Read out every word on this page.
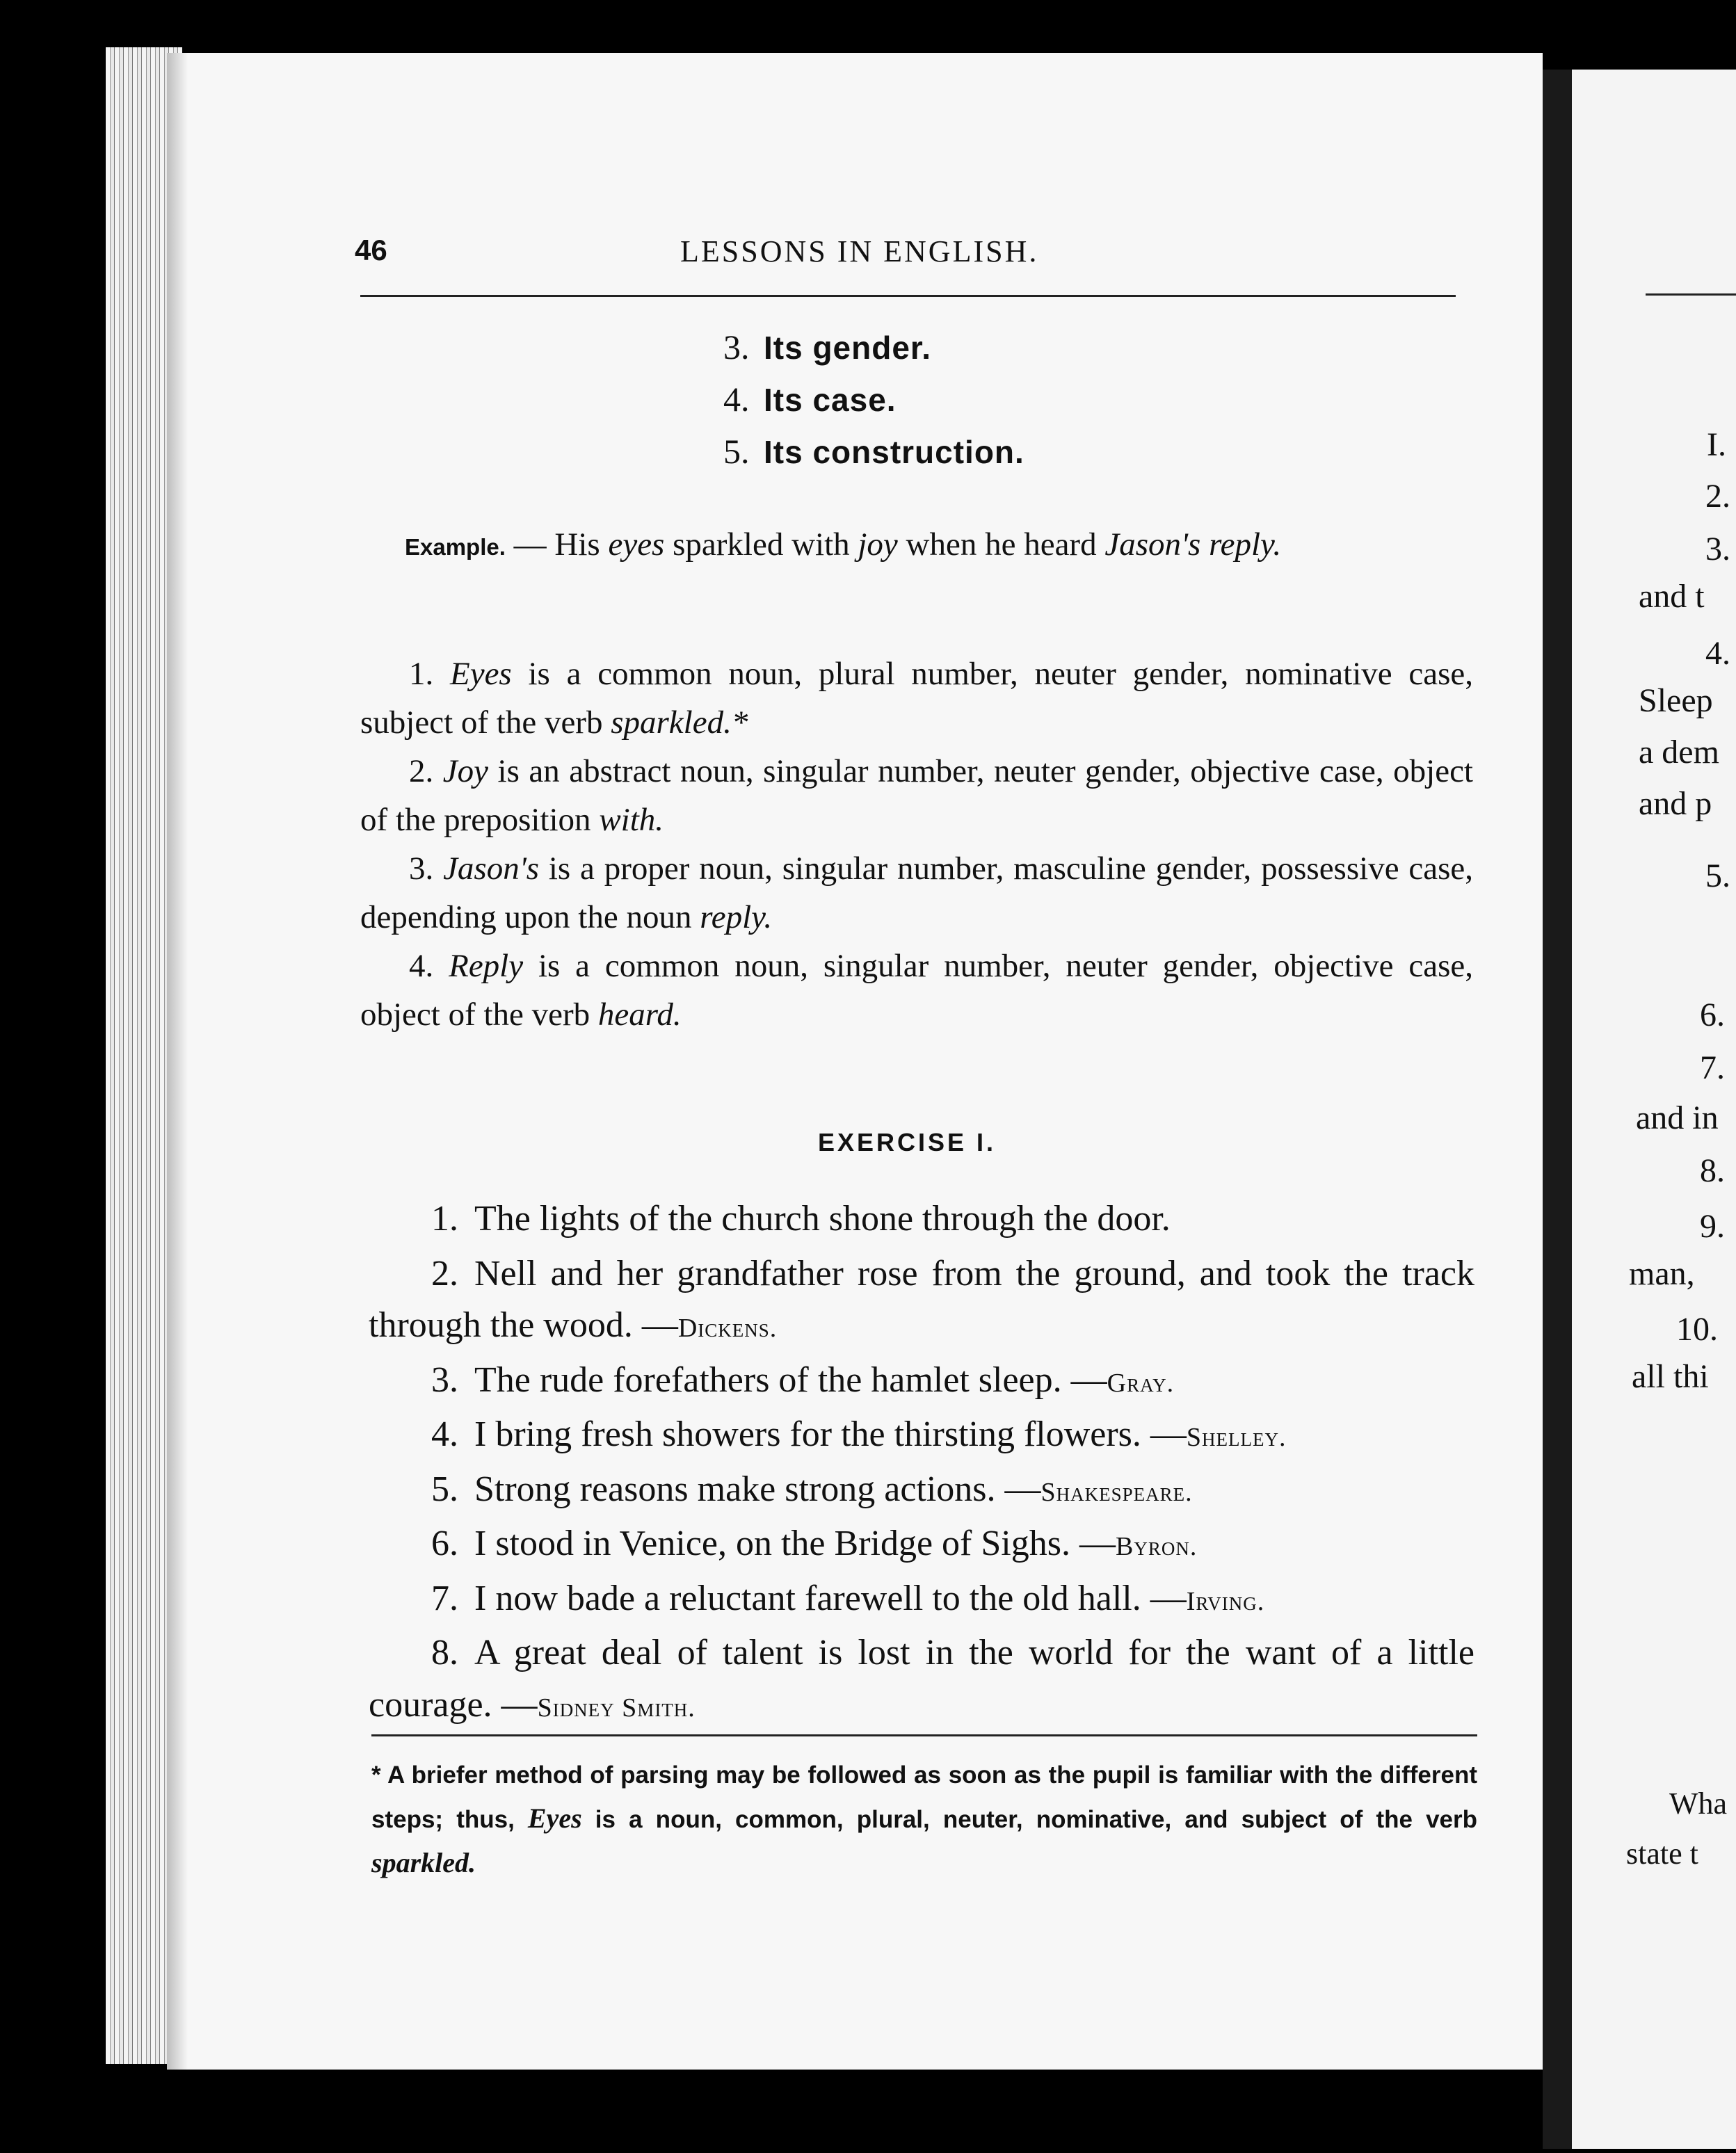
46	LESSONS IN ENGLISH.
3. Its gender.
4. Its case.
5. Its construction.

Example. — His eyes sparkled with joy when he heard Jason's reply.

1. Eyes is a common noun, plural number, neuter gender, nominative case, subject of the verb sparkled.*

2. Joy is an abstract noun, singular number, neuter gender, objective case, object of the preposition with.

3. Jason's is a proper noun, singular number, masculine gender, possessive case, depending upon the noun reply.

4. Reply is a common noun, singular number, neuter gender, objective case, object of the verb heard.

EXERCISE I.

1. The lights of the church shone through the door.

2. Nell and her grandfather rose from the ground, and took the track through the wood. —Dickens.

3. The rude forefathers of the hamlet sleep. —Gray.

4. I bring fresh showers for the thirsting flowers. —Shelley.

5. Strong reasons make strong actions. —Shakespeare.

6. I stood in Venice, on the Bridge of Sighs. —Byron.

7. I now bade a reluctant farewell to the old hall. —Irving.

8. A great deal of talent is lost in the world for the want of a little courage. —Sidney Smith.

* A briefer method of parsing may be followed as soon as the pupil is familiar with the different steps; thus, Eyes is a noun, common, plural, neuter, nominative, and subject of the verb sparkled.
I.
2.
3.
and t
4.
Sleep
a dem
and p
5.
6.
7.
and in
8.
9.
man,
10.
all thi
Wha
state t
